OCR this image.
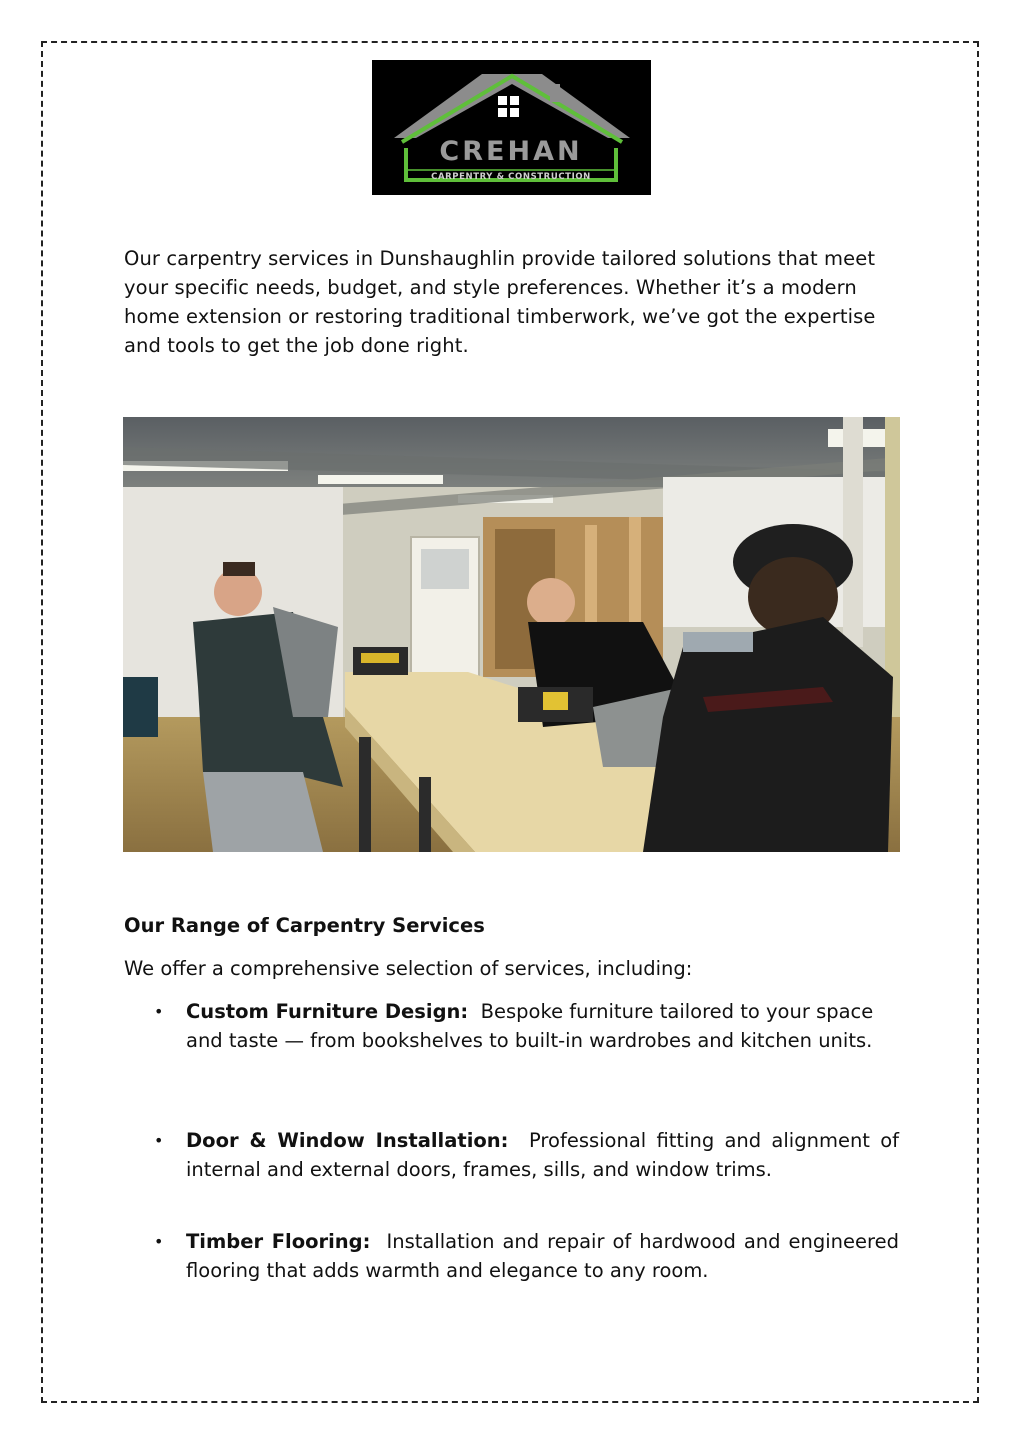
CREHAN
CARPENTRY & CONSTRUCTION

Our carpentry services in Dunshaughlin provide tailored solutions that meet your specific needs, budget, and style preferences. Whether it’s a modern home extension or restoring traditional timberwork, we’ve got the expertise and tools to get the job done right.

Our Range of Carpentry Services

We offer a comprehensive selection of services, including:

• Custom Furniture Design: Bespoke furniture tailored to your space and taste — from bookshelves to built-in wardrobes and kitchen units.
• Door & Window Installation: Professional fitting and alignment of internal and external doors, frames, sills, and window trims.
• Timber Flooring: Installation and repair of hardwood and engineered flooring that adds warmth and elegance to any room.
